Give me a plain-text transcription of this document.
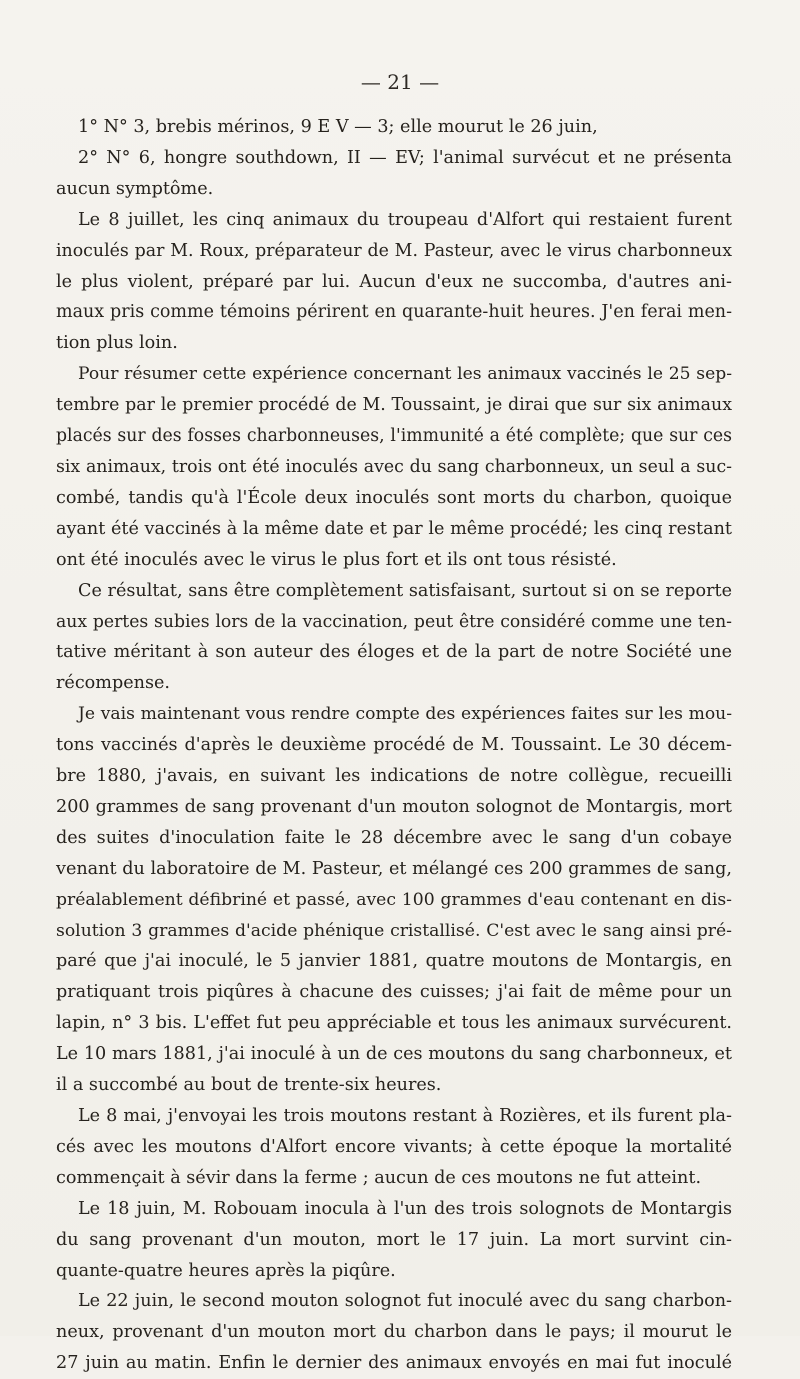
— 21 —
1° N° 3, brebis mérinos, 9 E V — 3; elle mourut le 26 juin,
2° N° 6, hongre southdown, II — EV; l'animal survécut et ne présenta
aucun symptôme.
Le 8 juillet, les cinq animaux du troupeau d'Alfort qui restaient furent
inoculés par M. Roux, préparateur de M. Pasteur, avec le virus charbonneux
le plus violent, préparé par lui. Aucun d'eux ne succomba, d'autres ani-
maux pris comme témoins périrent en quarante-huit heures. J'en ferai men-
tion plus loin.
Pour résumer cette expérience concernant les animaux vaccinés le 25 sep-
tembre par le premier procédé de M. Toussaint, je dirai que sur six animaux
placés sur des fosses charbonneuses, l'immunité a été complète; que sur ces
six animaux, trois ont été inoculés avec du sang charbonneux, un seul a suc-
combé, tandis qu'à l'École deux inoculés sont morts du charbon, quoique
ayant été vaccinés à la même date et par le même procédé; les cinq restant
ont été inoculés avec le virus le plus fort et ils ont tous résisté.
Ce résultat, sans être complètement satisfaisant, surtout si on se reporte
aux pertes subies lors de la vaccination, peut être considéré comme une ten-
tative méritant à son auteur des éloges et de la part de notre Société une
récompense.
Je vais maintenant vous rendre compte des expériences faites sur les mou-
tons vaccinés d'après le deuxième procédé de M. Toussaint. Le 30 décem-
bre 1880, j'avais, en suivant les indications de notre collègue, recueilli
200 grammes de sang provenant d'un mouton solognot de Montargis, mort
des suites d'inoculation faite le 28 décembre avec le sang d'un cobaye
venant du laboratoire de M. Pasteur, et mélangé ces 200 grammes de sang,
préalablement défibriné et passé, avec 100 grammes d'eau contenant en dis-
solution 3 grammes d'acide phénique cristallisé. C'est avec le sang ainsi pré-
paré que j'ai inoculé, le 5 janvier 1881, quatre moutons de Montargis, en
pratiquant trois piqûres à chacune des cuisses; j'ai fait de même pour un
lapin, n° 3 bis. L'effet fut peu appréciable et tous les animaux survécurent.
Le 10 mars 1881, j'ai inoculé à un de ces moutons du sang charbonneux, et
il a succombé au bout de trente-six heures.
Le 8 mai, j'envoyai les trois moutons restant à Rozières, et ils furent pla-
cés avec les moutons d'Alfort encore vivants; à cette époque la mortalité
commençait à sévir dans la ferme ; aucun de ces moutons ne fut atteint.
Le 18 juin, M. Robouam inocula à l'un des trois solognots de Montargis
du sang provenant d'un mouton, mort le 17 juin. La mort survint cin-
quante-quatre heures après la piqûre.
Le 22 juin, le second mouton solognot fut inoculé avec du sang charbon-
neux, provenant d'un mouton mort du charbon dans le pays; il mourut le
27 juin au matin. Enfin le dernier des animaux envoyés en mai fut inoculé
